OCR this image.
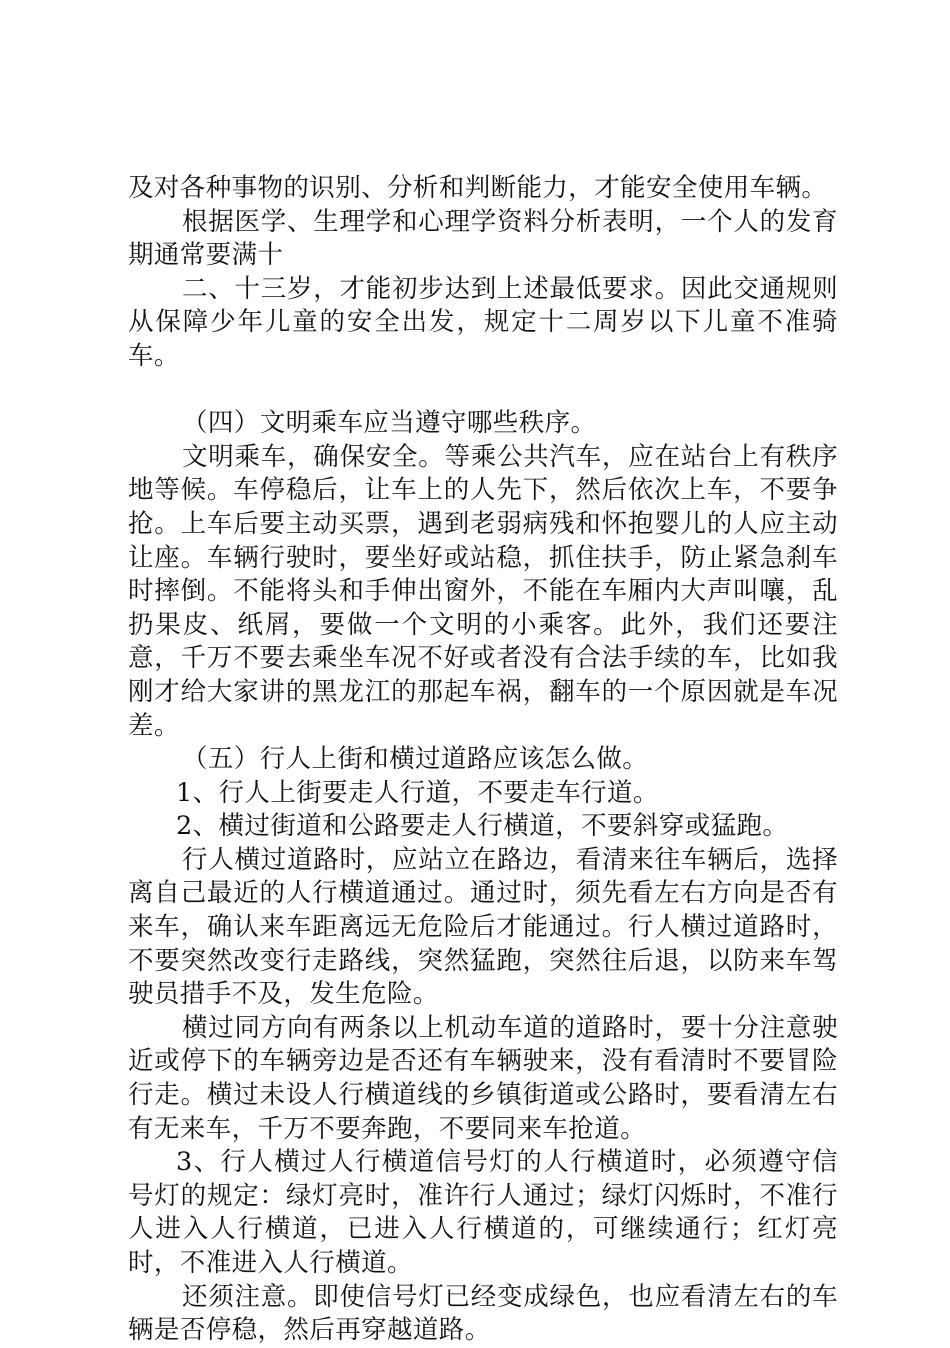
及对各种事物的识别、分析和判断能力，才能安全使用车辆。

根据医学、生理学和心理学资料分析表明，一个人的发育期通常要满十

二、十三岁，才能初步达到上述最低要求。因此交通规则从保障少年儿童的安全出发，规定十二周岁以下儿童不准骑车。

（四）文明乘车应当遵守哪些秩序。

文明乘车，确保安全。等乘公共汽车，应在站台上有秩序地等候。车停稳后，让车上的人先下，然后依次上车，不要争抢。上车后要主动买票，遇到老弱病残和怀抱婴儿的人应主动让座。车辆行驶时，要坐好或站稳，抓住扶手，防止紧急刹车时摔倒。不能将头和手伸出窗外，不能在车厢内大声叫嚷，乱扔果皮、纸屑，要做一个文明的小乘客。此外，我们还要注意，千万不要去乘坐车况不好或者没有合法手续的车，比如我刚才给大家讲的黑龙江的那起车祸，翻车的一个原因就是车况差。

（五）行人上街和横过道路应该怎么做。

1、行人上街要走人行道，不要走车行道。

2、横过街道和公路要走人行横道，不要斜穿或猛跑。

行人横过道路时，应站立在路边，看清来往车辆后，选择离自己最近的人行横道通过。通过时，须先看左右方向是否有来车，确认来车距离远无危险后才能通过。行人横过道路时，不要突然改变行走路线，突然猛跑，突然往后退，以防来车驾驶员措手不及，发生危险。

横过同方向有两条以上机动车道的道路时，要十分注意驶近或停下的车辆旁边是否还有车辆驶来，没有看清时不要冒险行走。横过未设人行横道线的乡镇街道或公路时，要看清左右有无来车，千万不要奔跑，不要同来车抢道。

3、行人横过人行横道信号灯的人行横道时，必须遵守信号灯的规定：绿灯亮时，准许行人通过；绿灯闪烁时，不准行人进入人行横道，已进入人行横道的，可继续通行；红灯亮时，不准进入人行横道。

还须注意。即使信号灯已经变成绿色，也应看清左右的车辆是否停稳，然后再穿越道路。
